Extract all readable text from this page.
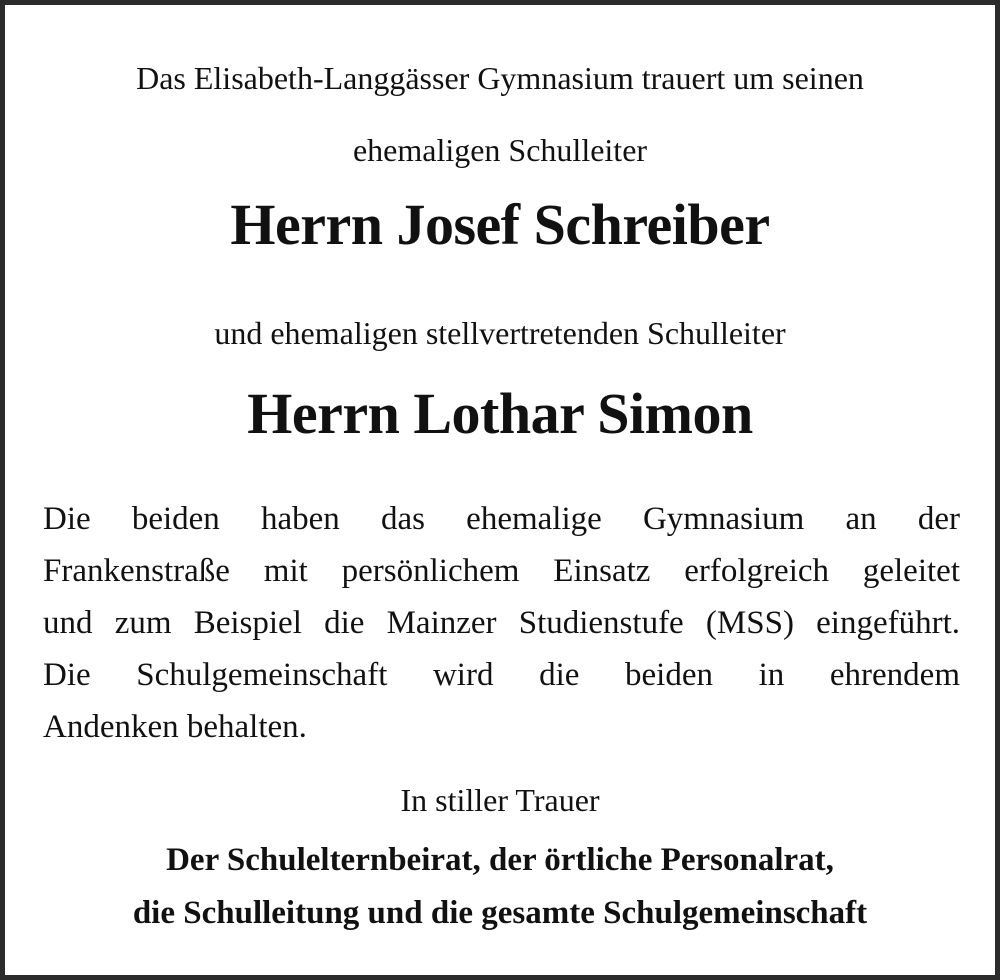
Das Elisabeth-Langgässer Gymnasium trauert um seinen

ehemaligen Schulleiter

Herrn Josef Schreiber

und ehemaligen stellvertretenden Schulleiter

Herrn Lothar Simon

Die beiden haben das ehemalige Gymnasium an der
Frankenstraße mit persönlichem Einsatz erfolgreich geleitet
und zum Beispiel die Mainzer Studienstufe (MSS) eingeführt.
Die Schulgemeinschaft wird die beiden in ehrendem
Andenken behalten.

In stiller Trauer

Der Schulelternbeirat, der örtliche Personalrat,

die Schulleitung und die gesamte Schulgemeinschaft
